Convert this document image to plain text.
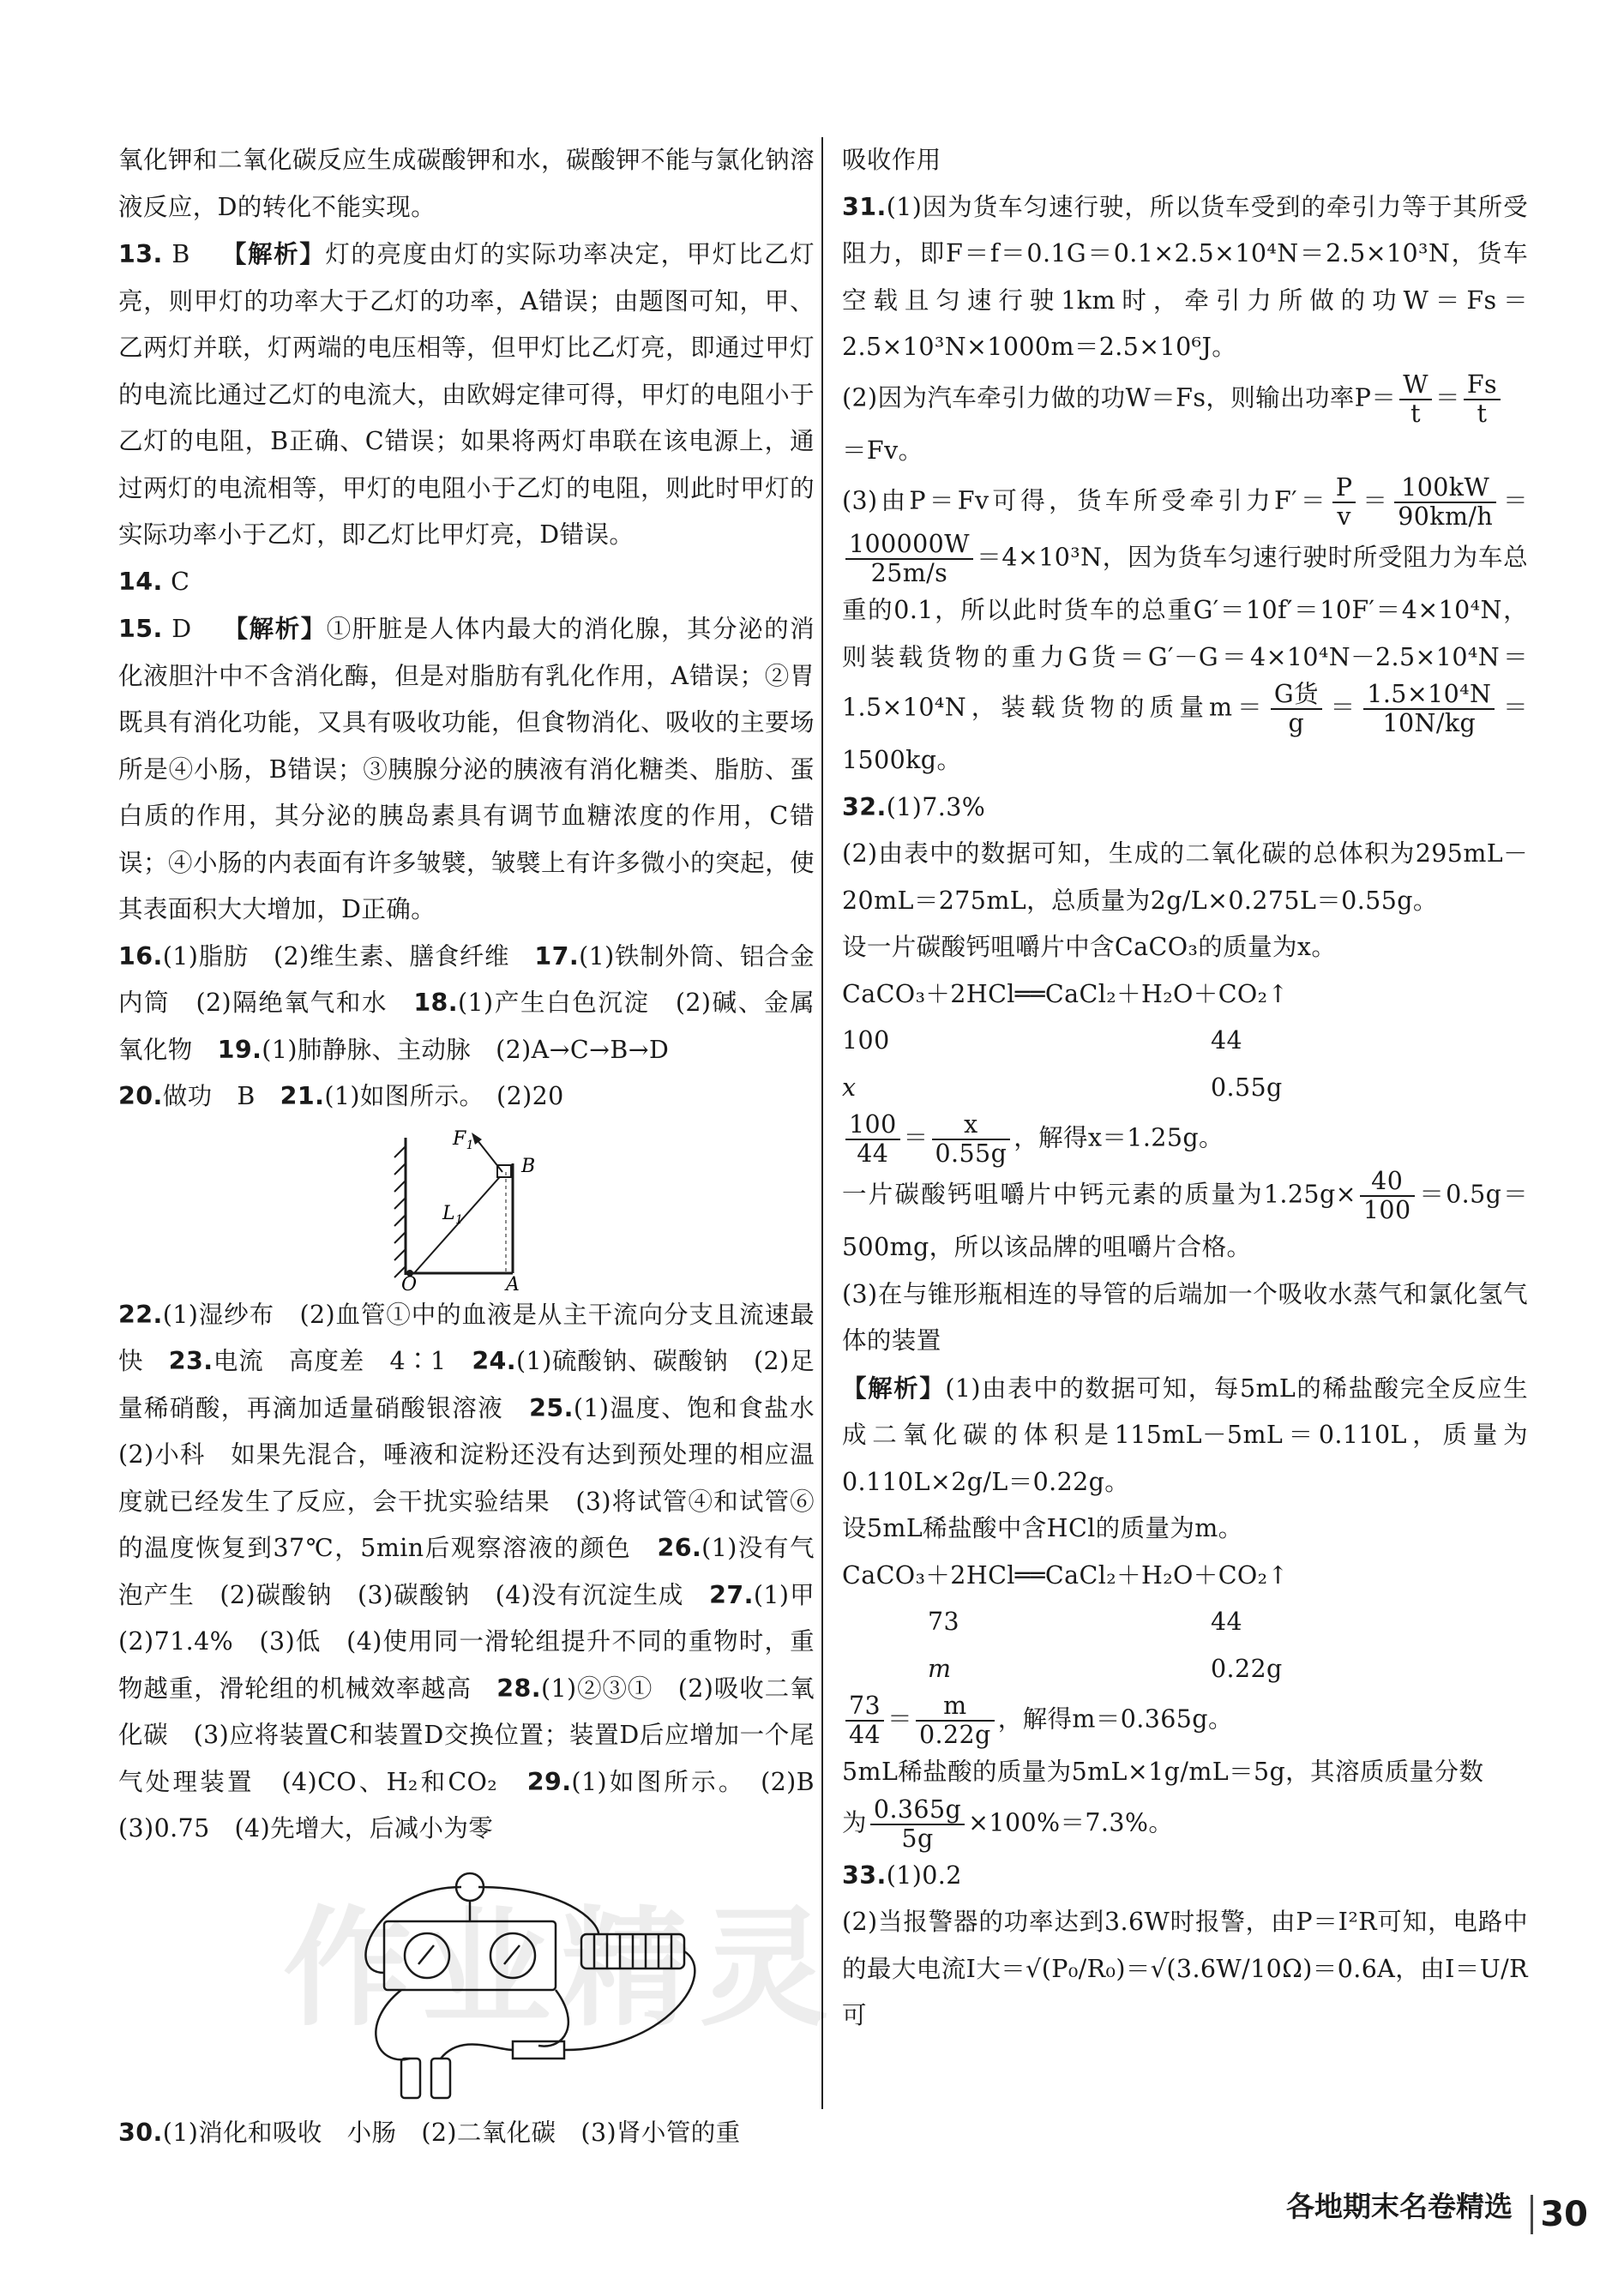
氧化钾和二氧化碳反应生成碳酸钾和水，碳酸钾不能与氯化钠溶液反应，D的转化不能实现。

13. B 【解析】灯的亮度由灯的实际功率决定，甲灯比乙灯亮，则甲灯的功率大于乙灯的功率，A错误；由题图可知，甲、乙两灯并联，灯两端的电压相等，但甲灯比乙灯亮，即通过甲灯的电流比通过乙灯的电流大，由欧姆定律可得，甲灯的电阻小于乙灯的电阻，B正确、C错误；如果将两灯串联在该电源上，通过两灯的电流相等，甲灯的电阻小于乙灯的电阻，则此时甲灯的实际功率小于乙灯，即乙灯比甲灯亮，D错误。

14. C

15. D 【解析】①肝脏是人体内最大的消化腺，其分泌的消化液胆汁中不含消化酶，但是对脂肪有乳化作用，A错误；②胃既具有消化功能，又具有吸收功能，但食物消化、吸收的主要场所是④小肠，B错误；③胰腺分泌的胰液有消化糖类、脂肪、蛋白质的作用，其分泌的胰岛素具有调节血糖浓度的作用，C错误；④小肠的内表面有许多皱襞，皱襞上有许多微小的突起，使其表面积大大增加，D正确。

16.(1)脂肪　(2)维生素、膳食纤维　 17.(1)铁制外筒、铝合金内筒　(2)隔绝氧气和水　 18.(1)产生白色沉淀　(2)碱、金属氧化物　 19.(1)肺静脉、主动脉　(2)A→C→B→D

20.做功　B　 21.(1)如图所示。　(2)20

$F_1$
$L_1$
B
O	A

22.(1)湿纱布　(2)血管①中的血液是从主干流向分支且流速最快　 23.电流　高度差　4∶1　 24.(1)硫酸钠、碳酸钠　(2)足量稀硝酸，再滴加适量硝酸银溶液　 25.(1)温度、饱和食盐水　(2)小科　如果先混合，唾液和淀粉还没有达到预处理的相应温度就已经发生了反应，会干扰实验结果　(3)将试管④和试管⑥的温度恢复到37℃，5min后观察溶液的颜色　 26.(1)没有气泡产生　(2)碳酸钠　(3)碳酸钠　(4)没有沉淀生成　 27.(1)甲　(2)71.4%　(3)低　(4)使用同一滑轮组提升不同的重物时，重物越重，滑轮组的机械效率越高　 28.(1)②③①　(2)吸收二氧化碳　(3)应将装置C和装置D交换位置；装置D后应增加一个尾气处理装置　(4)CO、H₂和CO₂　 29.(1)如图所示。　(2)B　(3)0.75　(4)先增大，后减小为零

30.(1)消化和吸收　小肠　(2)二氧化碳　(3)肾小管的重

吸收作用

31.(1)因为货车匀速行驶，所以货车受到的牵引力等于其所受阻力，即F＝f＝0.1G＝0.1×2.5×10⁴N＝2.5×10³N，货车空载且匀速行驶1km时，牵引力所做的功W＝Fs＝2.5×10³N×1000m＝2.5×10⁶J。

(2)因为汽车牵引力做的功W＝Fs，则输出功率$P= \frac{W}{t} = \frac{Fs}{t}$

＝Fv。

(3)由P＝Fv可得，货车所受牵引力$F'= \frac{P}{v} = \frac{100kW}{90km/h}$ ＝
$\frac{100000W}{25m/s} =4\times 10^3N$，因为货车匀速行驶时所受阻力为车总重的0.1，所以此时货车的总重G′＝10f′＝10F′＝4×10⁴N，则装载货物的重力G货＝G′－G＝4×10⁴N－2.5×10⁴N＝1.5×10⁴N，装载货物的质量$m= \frac{\text{G货}}{g} = \frac{\text{1.5×10⁴N}}{10N/kg} =1500kg$。

32.(1)7.3%

(2)由表中的数据可知，生成的二氧化碳的总体积为295mL－20mL＝275mL，总质量为2g/L×0.275L＝0.55g。

设一片碳酸钙咀嚼片中含CaCO₃的质量为x。

CaCO₃＋2HCl══CaCl₂＋H₂O＋CO₂↑

100	44
x	0.55g

$\frac{100}{44} = \frac{x}{0.55g}$ ，解得x＝1.25g。

一片碳酸钙咀嚼片中钙元素的质量为$1.25g\times \frac{40}{100} =0.5g=500mg$，所以该品牌的咀嚼片合格。

(3)在与锥形瓶相连的导管的后端加一个吸收水蒸气和氯化氢气体的装置

【解析】(1)由表中的数据可知，每5mL的稀盐酸完全反应生成二氧化碳的体积是115mL－5mL＝0.110L，质量为0.110L×2g/L＝0.22g。

设5mL稀盐酸中含HCl的质量为m。

CaCO₃＋2HCl══CaCl₂＋H₂O＋CO₂↑

73	44
m	0.22g

$\frac{73}{44} = \frac{m}{0.22g}$ ，解得m＝0.365g。

5mL稀盐酸的质量为5mL×1g/mL＝5g，其溶质质量分数

为 $\frac{0.365g}{5g} \times 100\%=7.3\%$。

33.(1)0.2

(2)当报警器的功率达到3.6W时报警，由P＝I²R可知，电路中的最大电流I大＝√(P₀/R₀)＝√(3.6W/10Ω)＝0.6A，由I＝U/R可

作业精灵
各地期末名卷精选 30
